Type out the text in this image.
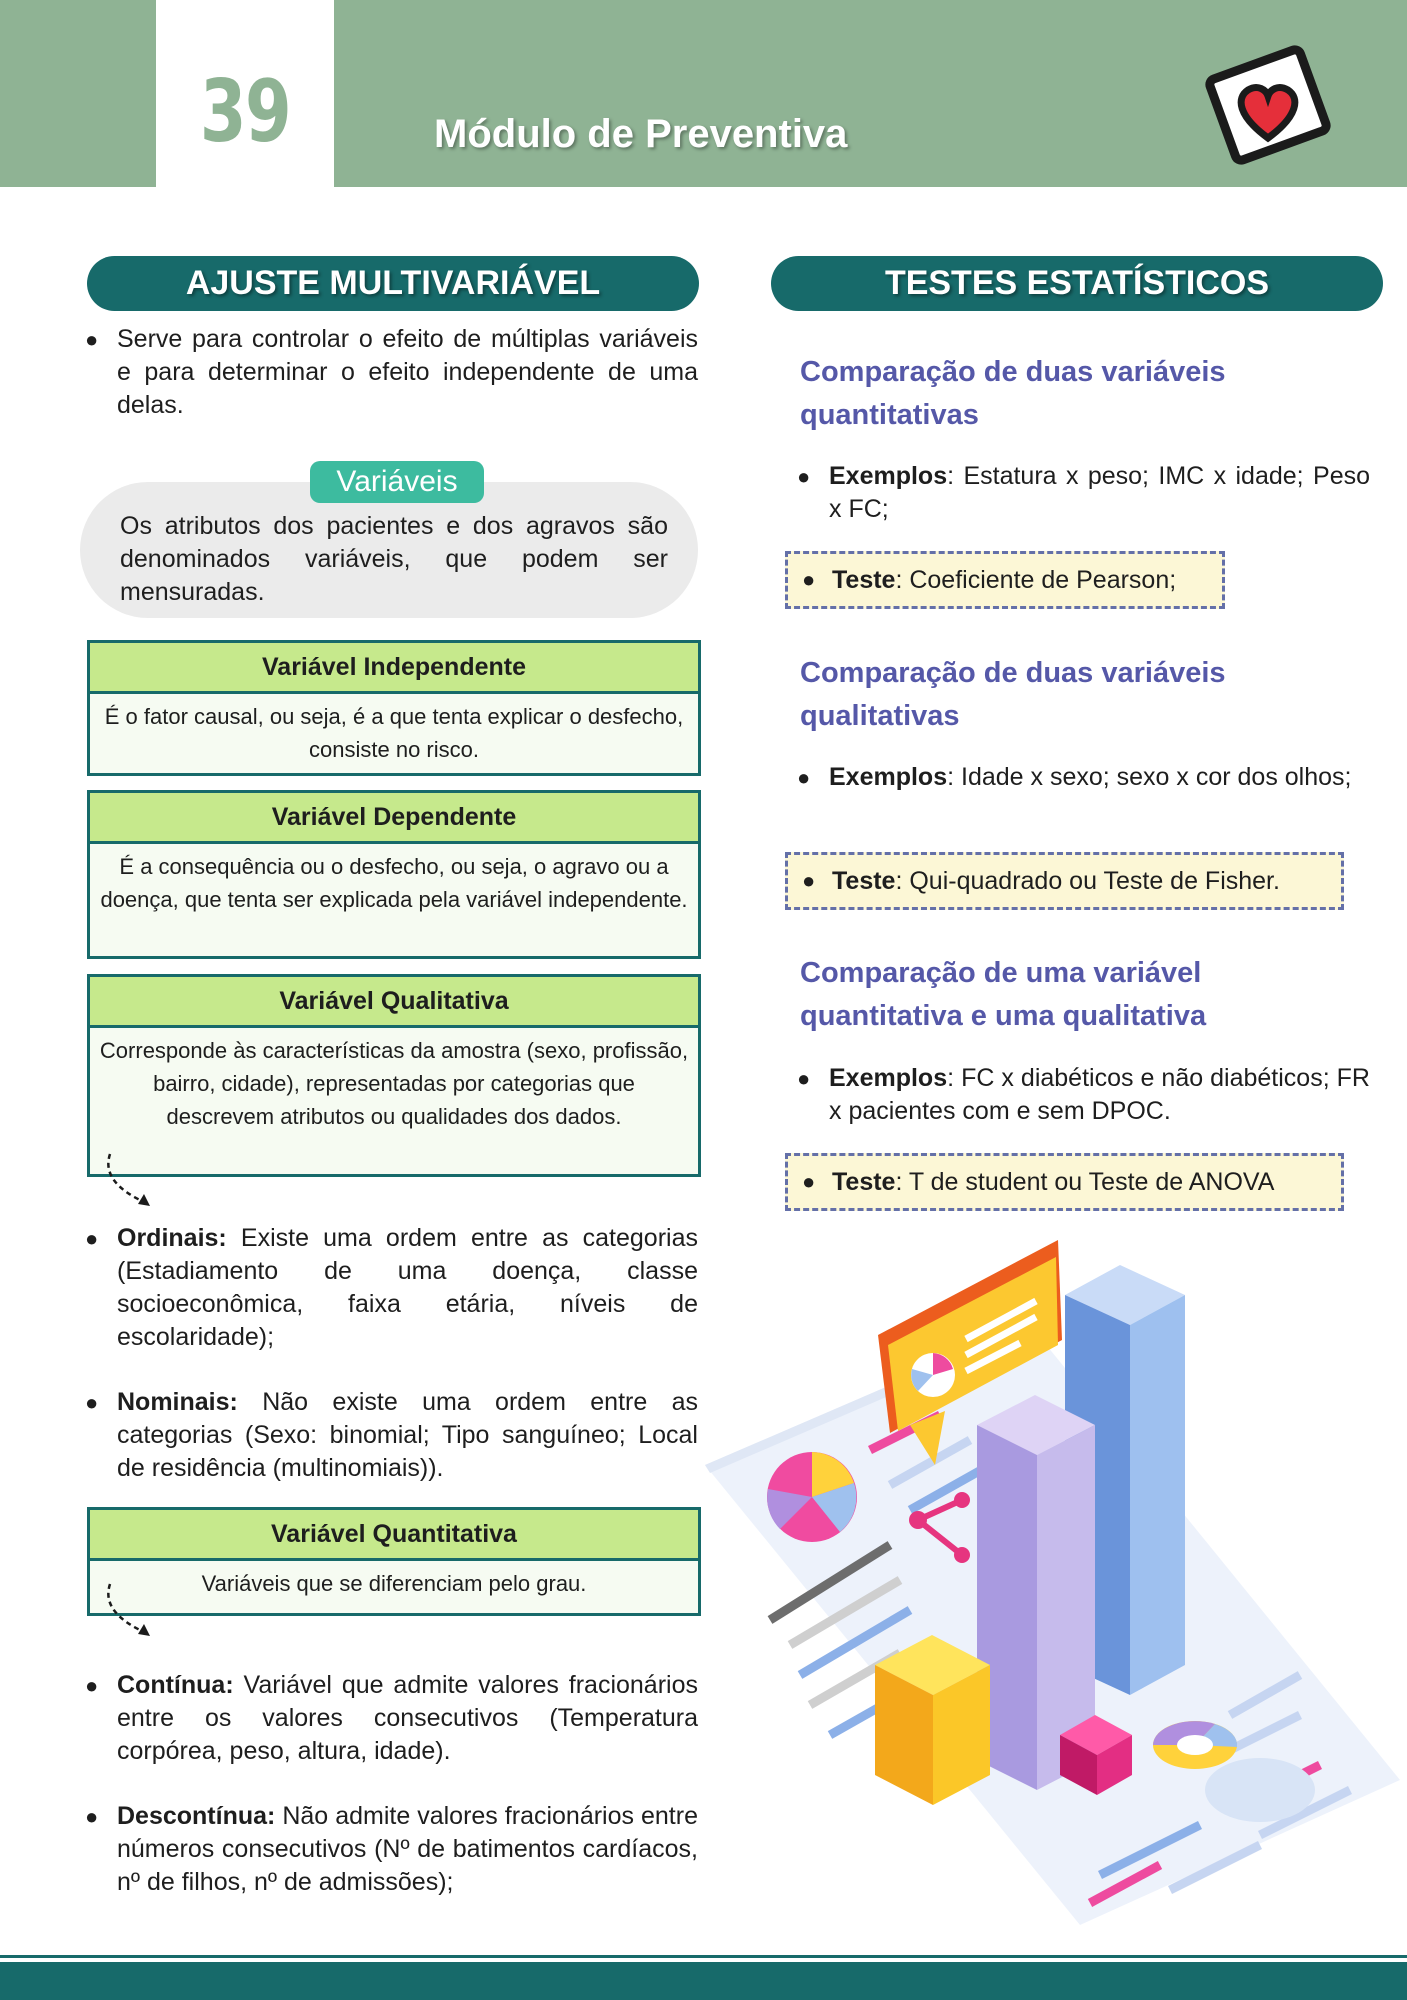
39	Módulo de Preventiva
AJUSTE MULTIVARIÁVEL
● Serve para controlar o efeito de múltiplas variáveis e para determinar o efeito independente de uma delas.
Variáveis
Os atributos dos pacientes e dos agravos são denominados variáveis, que podem ser mensuradas.
Variável Independente
É o fator causal, ou seja, é a que tenta explicar o desfecho, consiste no risco.
Variável Dependente
É a consequência ou o desfecho, ou seja, o agravo ou a doença, que tenta ser explicada pela variável independente.
Variável Qualitativa
Corresponde às características da amostra (sexo, profissão, bairro, cidade), representadas por categorias que descrevem atributos ou qualidades dos dados.
● Ordinais: Existe uma ordem entre as categorias (Estadiamento de uma doença, classe socioeconômica, faixa etária, níveis de escolaridade);
● Nominais: Não existe uma ordem entre as categorias (Sexo: binomial; Tipo sanguíneo; Local de residência (multinomiais)).
Variável Quantitativa
Variáveis que se diferenciam pelo grau.
● Contínua: Variável que admite valores fracionários entre os valores consecutivos (Temperatura corpórea, peso, altura, idade).
● Descontínua: Não admite valores fracionários entre números consecutivos (Nº de batimentos cardíacos, nº de filhos, nº de admissões);
TESTES ESTATÍSTICOS
Comparação de duas variáveis
quantitativas
● Exemplos: Estatura x peso; IMC x idade; Peso x FC;
● Teste: Coeficiente de Pearson;
Comparação de duas variáveis
qualitativas
● Exemplos: Idade x sexo; sexo x cor dos olhos;
● Teste: Qui-quadrado ou Teste de Fisher.
Comparação de uma variável
quantitativa e uma qualitativa
● Exemplos: FC x diabéticos e não diabéticos; FR x pacientes com e sem DPOC.
● Teste: T de student ou Teste de ANOVA
